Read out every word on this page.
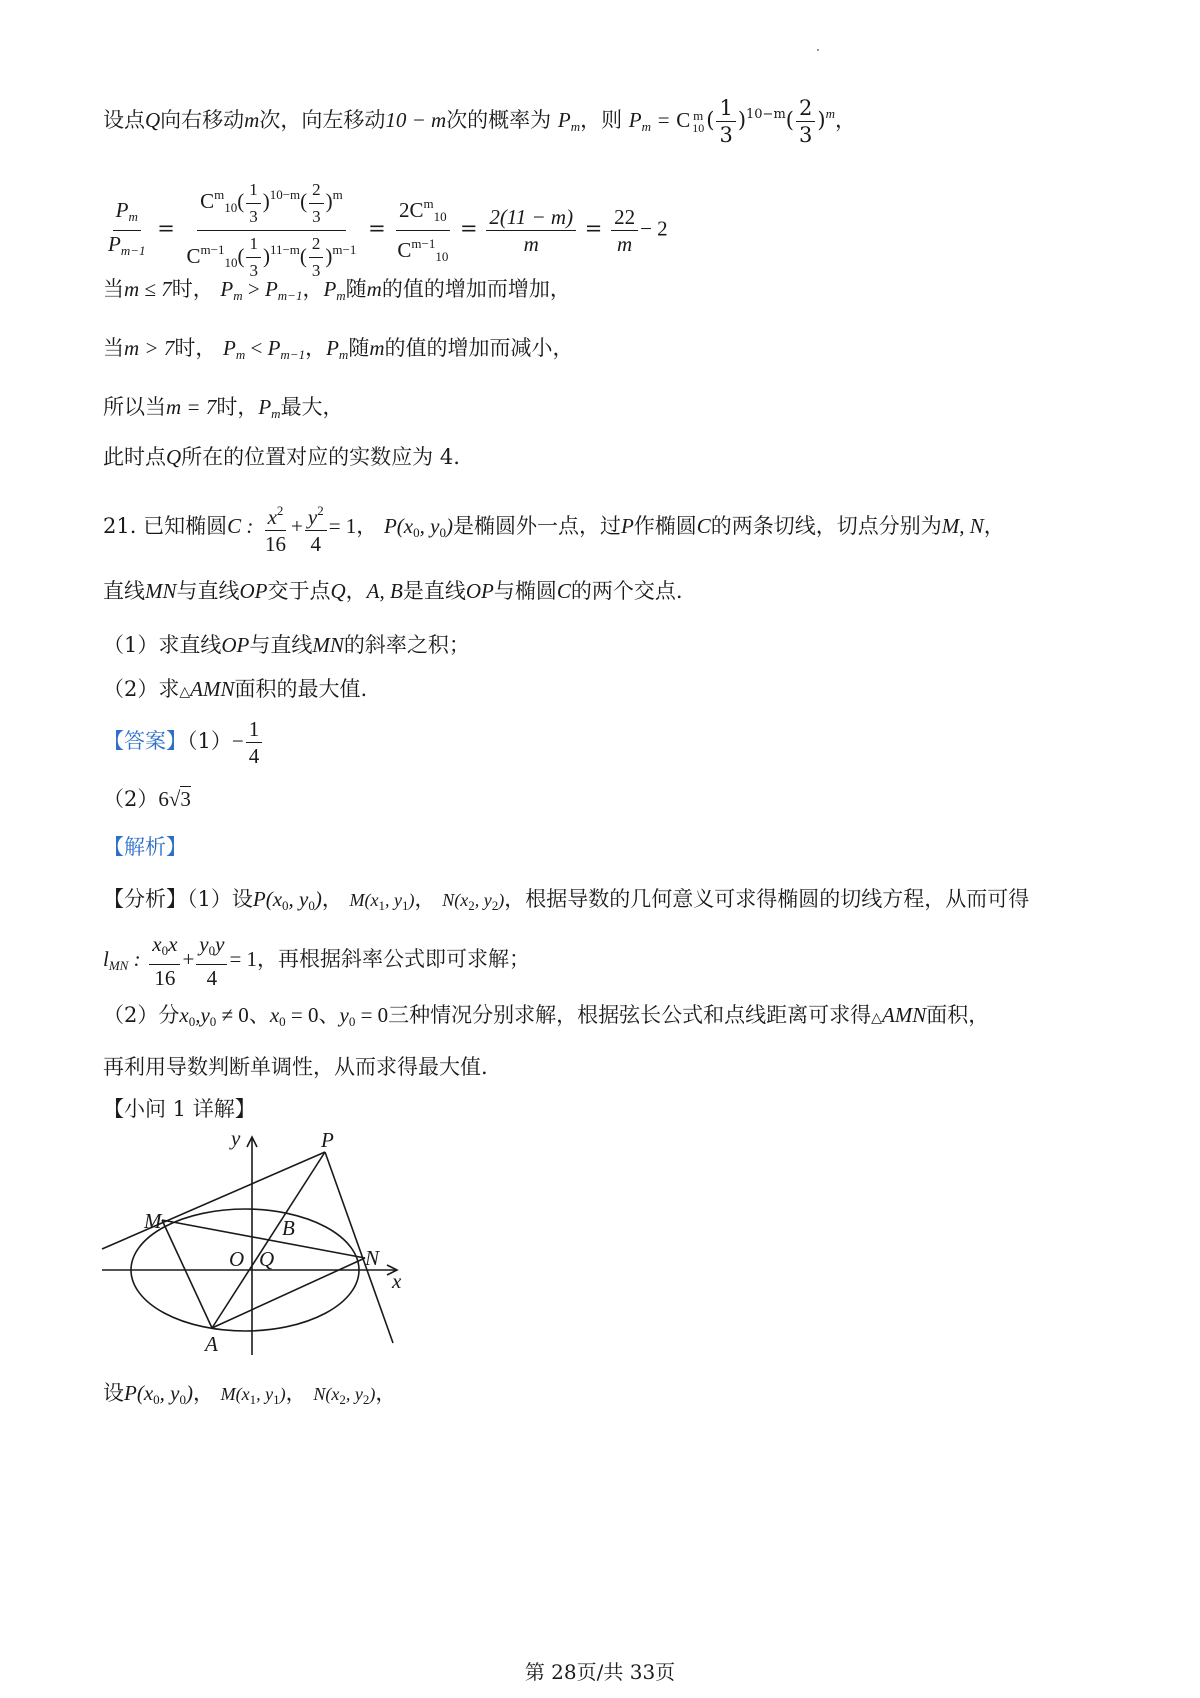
设点Q向右移动m次，向左移动10 − m次的概率为 $P_m$，则 $P_m = C$ m
10 ( $\frac{1}{3} )^{10-m}( \frac{2}{3} )^m$，
$\frac{P_m}{P_{m-1}} = \frac{C^m_{10}( \frac{1}{3} )^{10-m}( \frac{2}{3} )^m}{C^{m-1}_{10}( \frac{1}{3} )^{11-m}( \frac{2}{3} )^{m-1}} = \frac{2C^m_{10}}{C^{m-1}_{10}} = \frac{2(11 - m)}{m} = \frac{22}{m} - 2$
当m ≤ 7时， $P_m > P_{m-1}$，$P_m$随m的值的增加而增加，
当m > 7时， $P_m < P_{m-1}$，$P_m$随m的值的增加而减小，
所以当m = 7时，$P_m$最大，
此时点Q所在的位置对应的实数应为 4.
21. 已知椭圆C : $\frac{x^2}{16} + \frac{y^2}{4} = 1$， $P(x_0$, $y_0$)是椭圆外一点，过P作椭圆C的两条切线，切点分别为M, N，
直线MN与直线OP交于点Q，A, B是直线OP与椭圆C的两个交点.
（1）求直线OP与直线MN的斜率之积；
（2）求△AMN面积的最大值.
【答案】$(1)- \frac{1}{4}$
（2）6√3
【解析】
【分析】（1）设$P(x_0$, $y_0$)， $M(x_1$, $y_1$)， $N(x_2$, $y_2$)，根据导数的几何意义可求得椭圆的切线方程，从而可得
$l_{MN}$ : $\frac{x_0x}{16} + \frac{y_0y}{4} = 1$，再根据斜率公式即可求解；
（2）分$x_0,y_0 \ne 0$、$x_0 = 0$、$y_0 = 0$三种情况分别求解，根据弦长公式和点线距离可求得△AMN面积，
再利用导数判断单调性，从而求得最大值.
【小问 1 详解】
y	P
M	B
O Q	N
x
A
设$P(x_0$, $y_0$)， $M(x_1$, $y_1$)， $N(x_2$, $y_2$)，
第 28页/共 33页
